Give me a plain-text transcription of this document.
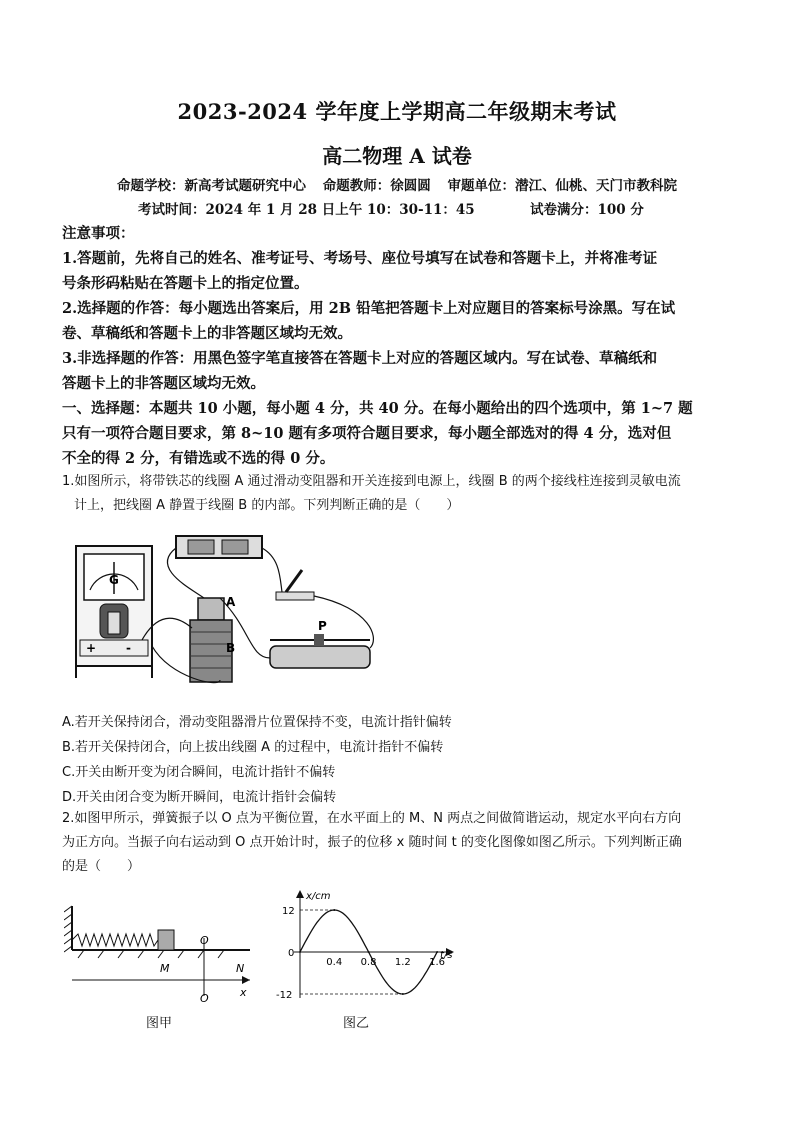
2023-2024 学年度上学期高二年级期末考试
高二物理 A 试卷
命题学校：新高考试题研究中心 命题教师：徐圆圆 审题单位：潜江、仙桃、天门市教科院
考试时间：2024 年 1 月 28 日上午 10：30-11：45	试卷满分：100 分
注意事项：
1.答题前，先将自己的姓名、准考证号、考场号、座位号填写在试卷和答题卡上，并将准考证
号条形码粘贴在答题卡上的指定位置。
2.选择题的作答：每小题选出答案后，用 2B 铅笔把答题卡上对应题目的答案标号涂黑。写在试
卷、草稿纸和答题卡上的非答题区域均无效。
3.非选择题的作答：用黑色签字笔直接答在答题卡上对应的答题区域内。写在试卷、草稿纸和
答题卡上的非答题区域均无效。
一、选择题：本题共 10 小题，每小题 4 分，共 40 分。在每小题给出的四个选项中，第 1~7 题
只有一项符合题目要求，第 8~10 题有多项符合题目要求，每小题全部选对的得 4 分，选对但
不全的得 2 分，有错选或不选的得 0 分。
1.如图所示，将带铁芯的线圈 A 通过滑动变阻器和开关连接到电源上，线圈 B 的两个接线柱连接到灵敏电流
计上，把线圈 A 静置于线圈 B 的内部。下列判断正确的是（　　）
G
+ -
A
B
P
A.若开关保持闭合，滑动变阻器滑片位置保持不变，电流计指针偏转
B.若开关保持闭合，向上拔出线圈 A 的过程中，电流计指针不偏转
C.开关由断开变为闭合瞬间，电流计指针不偏转
D.开关由闭合变为断开瞬间，电流计指针会偏转
2.如图甲所示，弹簧振子以 O 点为平衡位置，在水平面上的 M、N 两点之间做简谐运动，规定水平向右方向
为正方向。当振子向右运动到 O 点开始计时，振子的位移 x 随时间 t 的变化图像如图乙所示。下列判断正确
的是（　　）
O
O
M	N
x
图甲
x/cm
t/s
0
0.4 0.8 1.2 1.6
12
-12
图乙
